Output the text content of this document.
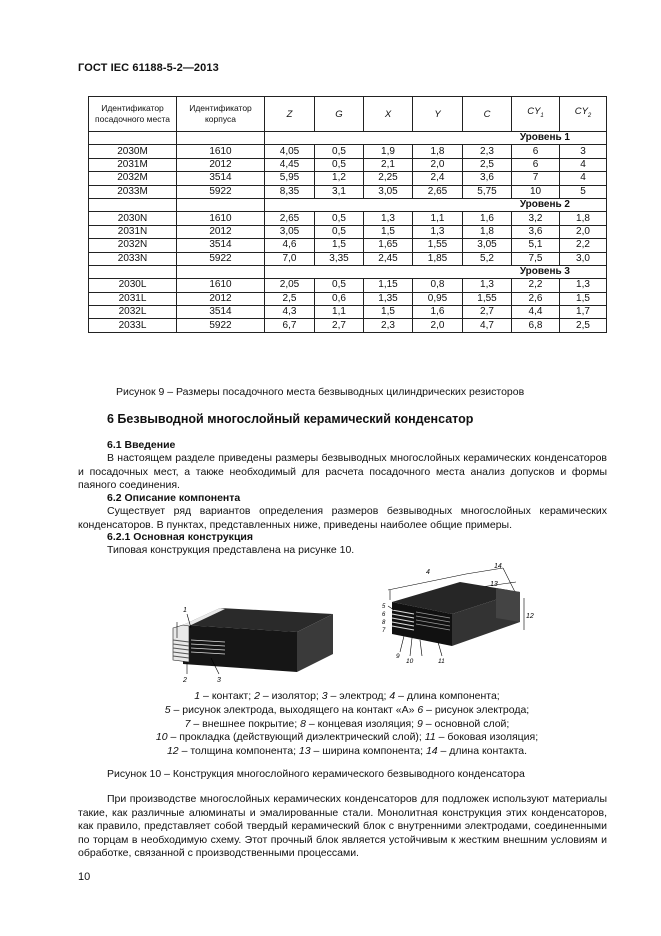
ГОСТ IEC 61188-5-2—2013
Идентификатор посадочного места	Идентификатор корпуса	Z	G	X	Y	C	$CY_1$	$CY_2$
		Уровень 1						
2030M	1610	4,05	0,5	1,9	1,8	2,3	6	3
2031M	2012	4,45	0,5	2,1	2,0	2,5	6	4
2032M	3514	5,95	1,2	2,25	2,4	3,6	7	4
2033M	5922	8,35	3,1	3,05	2,65	5,75	10	5
		Уровень 2						
2030N	1610	2,65	0,5	1,3	1,1	1,6	3,2	1,8
2031N	2012	3,05	0,5	1,5	1,3	1,8	3,6	2,0
2032N	3514	4,6	1,5	1,65	1,55	3,05	5,1	2,2
2033N	5922	7,0	3,35	2,45	1,85	5,2	7,5	3,0
		Уровень 3						
2030L	1610	2,05	0,5	1,15	0,8	1,3	2,2	1,3
2031L	2012	2,5	0,6	1,35	0,95	1,55	2,6	1,5
2032L	3514	4,3	1,1	1,5	1,6	2,7	4,4	1,7
2033L	5922	6,7	2,7	2,3	2,0	4,7	6,8	2,5
Рисунок 9 – Размеры посадочного места безвыводных цилиндрических резисторов
6 Безвыводной многослойный керамический конденсатор
6.1 Введение
В настоящем разделе приведены размеры безвыводных многослойных керамических конденсаторов и посадочных мест, а также необходимый для расчета посадочного места анализ допусков и формы паяного соединения.
6.2 Описание компонента
Существует ряд вариантов определения размеров безвыводных многослойных керамических конденсаторов. В пунктах, представленных ниже, приведены наиболее общие примеры.
6.2.1 Основная конструкция
Типовая конструкция представлена на рисунке 10.
1
2	3
4
14
13
12
9
10	11
6
8
7
5
1 – контакт; 2 – изолятор; 3 – электрод; 4 – длина компонента;
5 – рисунок электрода, выходящего на контакт «А» 6 – рисунок электрода;
7 – внешнее покрытие; 8 – концевая изоляция; 9 – основной слой;
10 – прокладка (действующий диэлектрический слой); 11 – боковая изоляция;
12 – толщина компонента; 13 – ширина компонента; 14 – длина контакта.
Рисунок 10 – Конструкция многослойного керамического безвыводного конденсатора
При производстве многослойных керамических конденсаторов для подложек используют материалы такие, как различные алюминаты и эмалированные стали. Монолитная конструкция этих конденсаторов, как правило, представляет собой твердый керамический блок с внутренними электродами, соединенными по торцам в необходимую схему. Этот прочный блок является устойчивым к жестким внешним условиям и обработке, связанной с производственными процессами.
10
